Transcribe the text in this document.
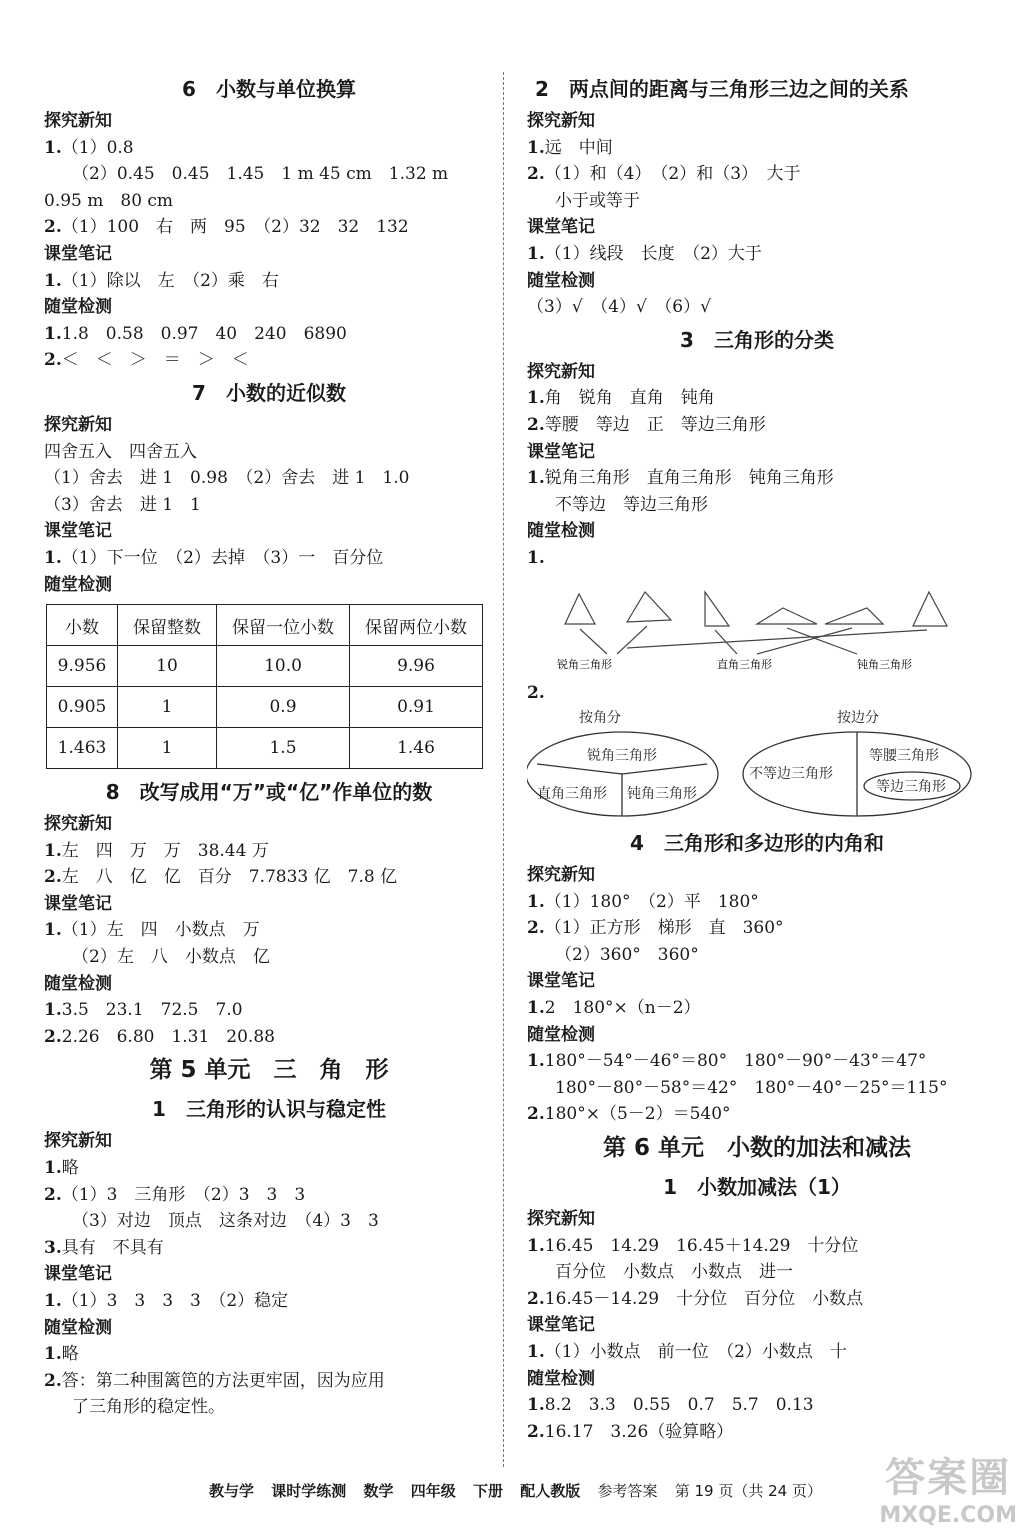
6　小数与单位换算
探究新知
1.（1）0.8
（2）0.45　0.45　1.45　1 m 45 cm　1.32 m
0.95 m　80 cm
2.（1）100　右　两　95　（2）32　32　132
课堂笔记
1.（1）除以　左　（2）乘　右
随堂检测
1.1.8　0.58　0.97　40　240　6890
2.＜　＜　＞　＝　＞　＜
7　小数的近似数
探究新知
四舍五入　四舍五入
（1）舍去　进 1　0.98　（2）舍去　进 1　1.0
（3）舍去　进 1　1
课堂笔记
1.（1）下一位　（2）去掉　（3）一　百分位
随堂检测
小数	保留整数	保留一位小数	保留两位小数
9.956	10	10.0	9.96
0.905	1	0.9	0.91
1.463	1	1.5	1.46
8　改写成用“万”或“亿”作单位的数
探究新知
1.左　四　万　万　38.44 万
2.左　八　亿　亿　百分　7.7833 亿　7.8 亿
课堂笔记
1.（1）左　四　小数点　万
（2）左　八　小数点　亿
随堂检测
1.3.5　23.1　72.5　7.0
2.2.26　6.80　1.31　20.88
第 5 单元　三　角　形
1　三角形的认识与稳定性
探究新知
1.略
2.（1）3　三角形　（2）3　3　3
（3）对边　顶点　这条对边　（4）3　3
3.具有　不具有
课堂笔记
1.（1）3　3　3　3　（2）稳定
随堂检测
1.略
2.答：第二种围篱笆的方法更牢固，因为应用
了三角形的稳定性。
2　两点间的距离与三角形三边之间的关系
探究新知
1.远　中间
2.（1）和（4）　（2）和（3）　大于
小于或等于
课堂笔记
1.（1）线段　长度　（2）大于
随堂检测
（3）√　（4）√　（6）√
3　三角形的分类
探究新知
1.角　锐角　直角　钝角
2.等腰　等边　正　等边三角形
课堂笔记
1.锐角三角形　直角三角形　钝角三角形
不等边　等边三角形
随堂检测
1.
锐角三角形	直角三角形	钝角三角形
2.
按角分	按边分
锐角三角形
直角三角形 钝角三角形
不等边三角形
等腰三角形
等边三角形
4　三角形和多边形的内角和
探究新知
1.（1）180°　（2）平　180°
2.（1）正方形　梯形　直　360°
（2）360°　360°
课堂笔记
1.2　180°×（n－2）
随堂检测
1.180°－54°－46°＝80°　180°－90°－43°＝47°
180°－80°－58°＝42°　180°－40°－25°＝115°
2.180°×（5－2）＝540°
第 6 单元　小数的加法和减法
1　小数加减法（1）
探究新知
1.16.45　14.29　16.45＋14.29　十分位
百分位　小数点　小数点　进一
2.16.45－14.29　十分位　百分位　小数点
课堂笔记
1.（1）小数点　前一位　（2）小数点　十
随堂检测
1.8.2　3.3　0.55　0.7　5.7　0.13
2.16.17　3.26（验算略）
教与学 课时学练测 数学 四年级 下册 配人教版 参考答案 第 19 页（共 24 页）	答案圈
MXQE.COM
